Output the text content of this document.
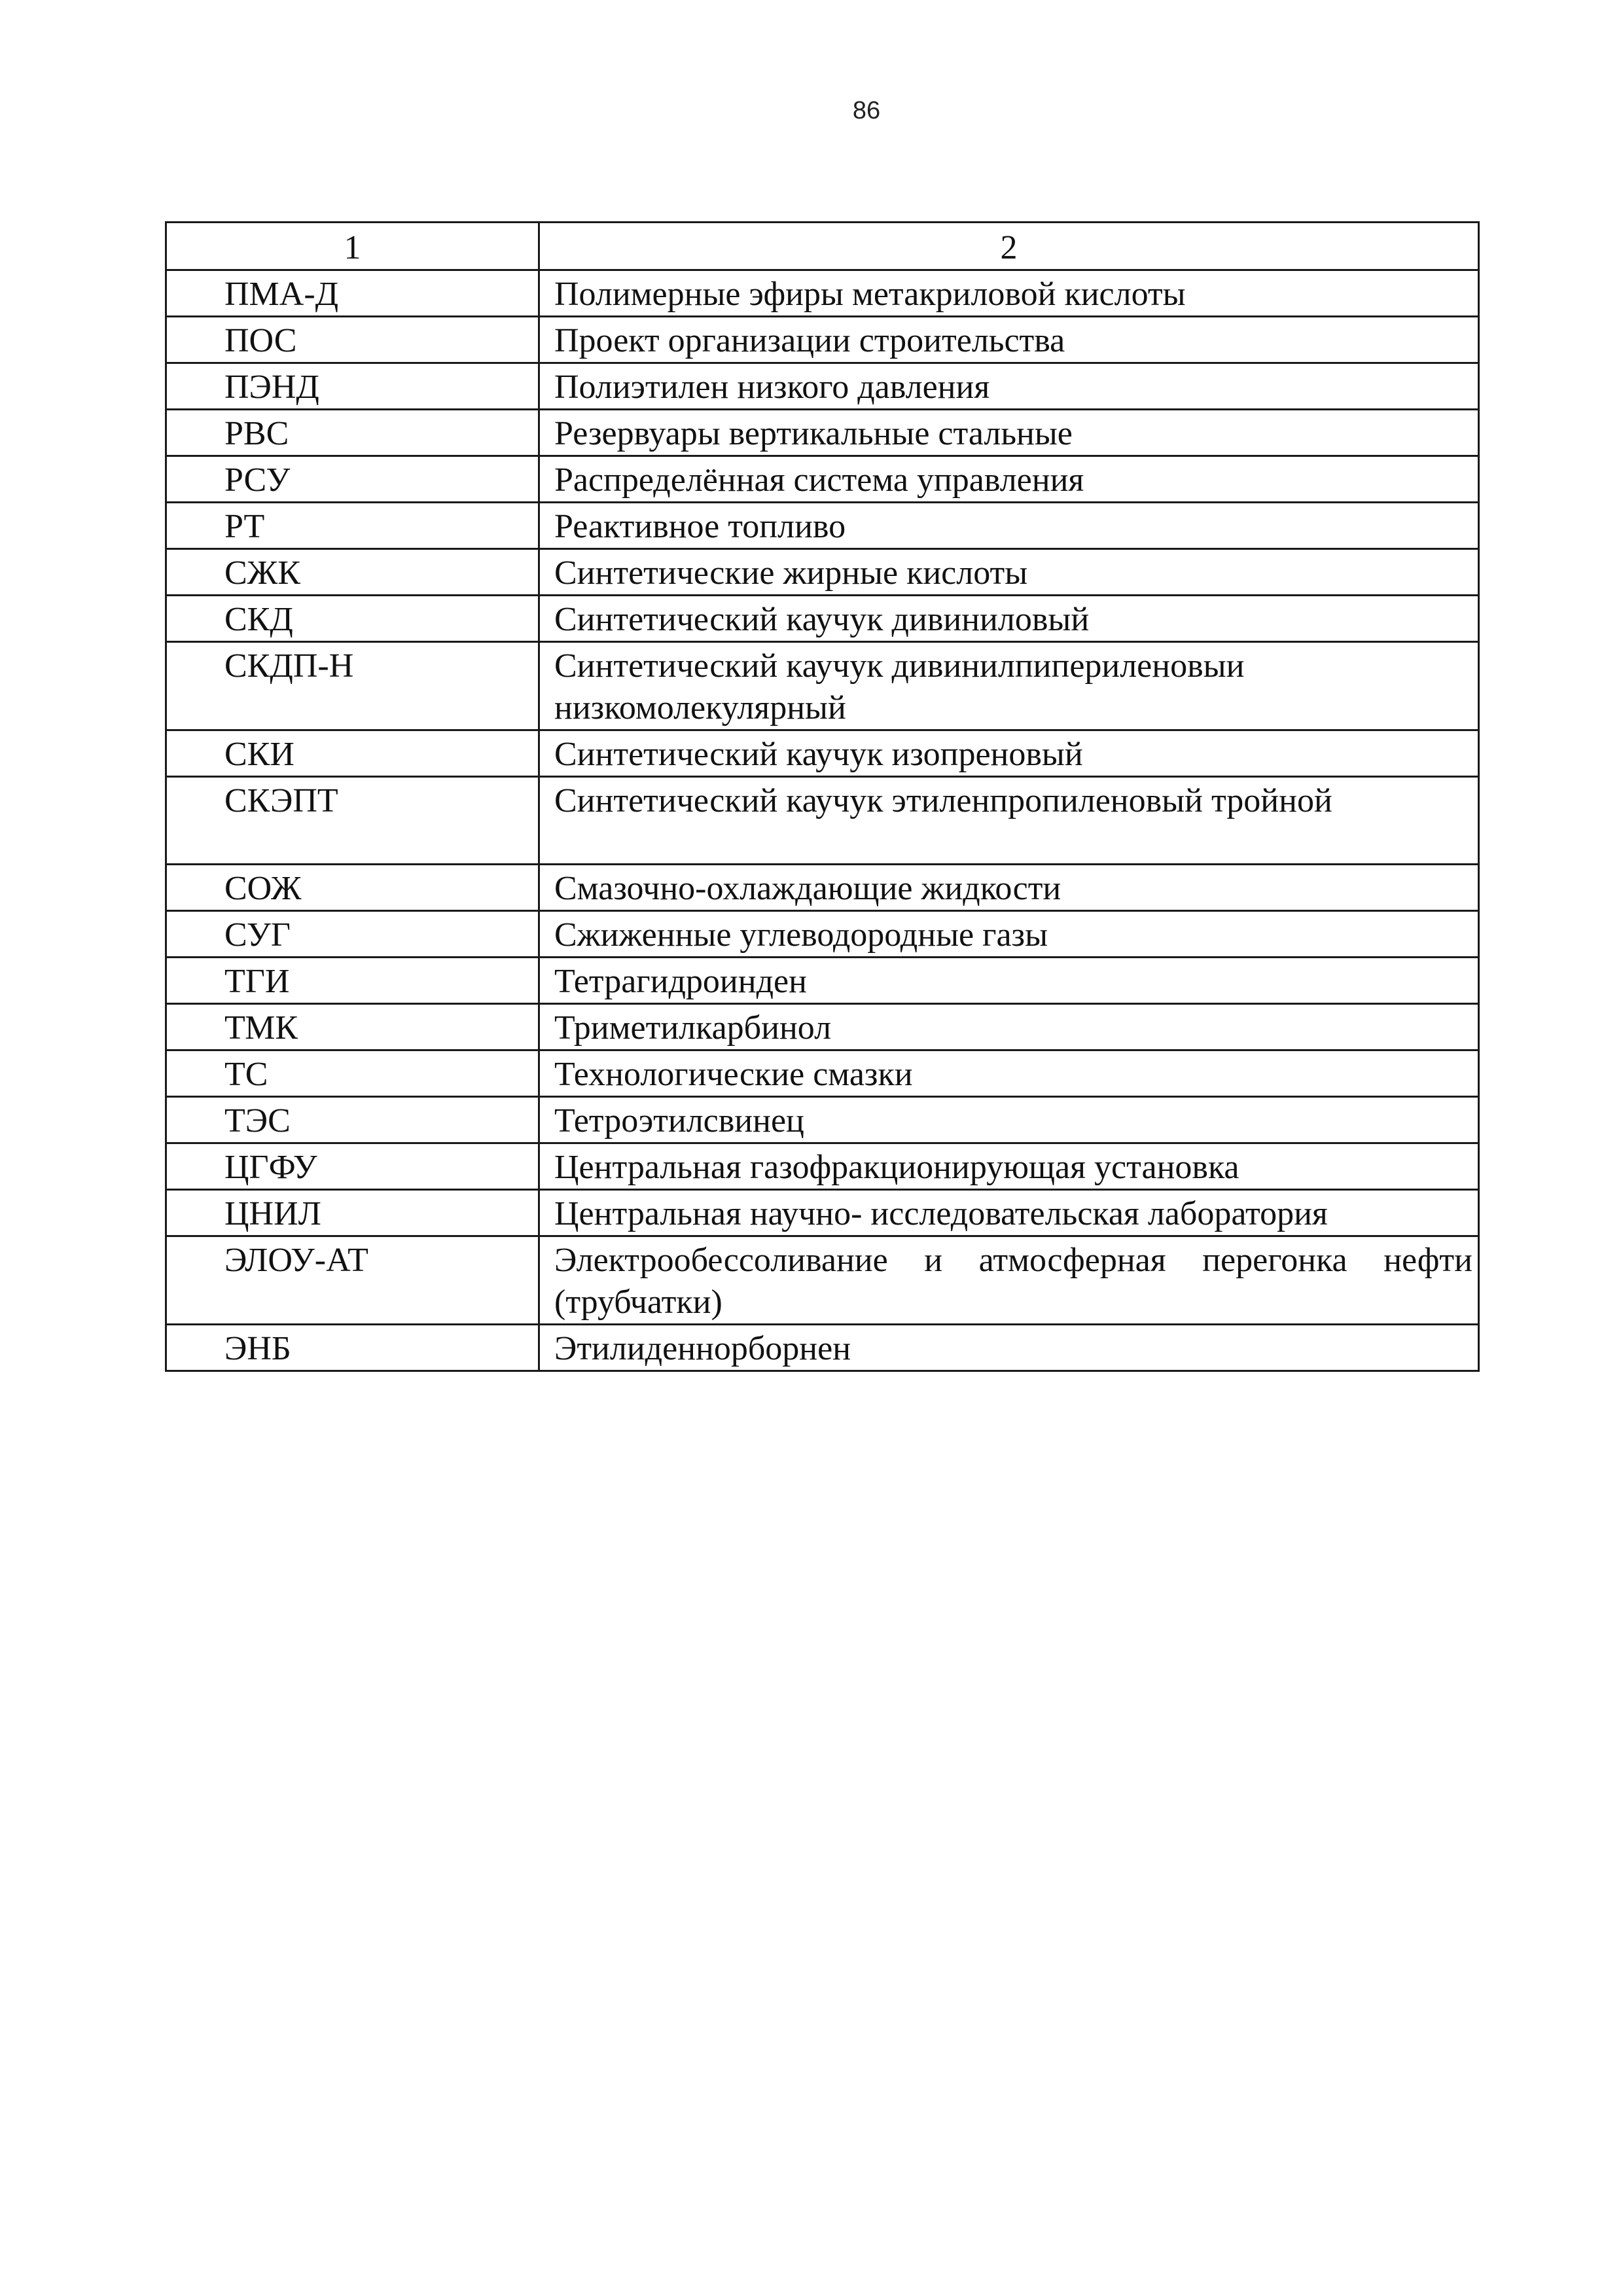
86
1	2
ПМА-Д	Полимерные эфиры метакриловой кислоты
ПОС	Проект организации строительства
ПЭНД	Полиэтилен низкого давления
РВС	Резервуары вертикальные стальные
РСУ	Распределённая система управления
РТ	Реактивное топливо
СЖК	Синтетические жирные кислоты
СКД	Синтетический каучук дивиниловый
СКДП-Н	Синтетический каучук дивинилпипериленовыи низкомолекулярный
СКИ	Синтетический каучук изопреновый
СКЭПТ	Синтетический каучук этиленпропиленовый тройной
СОЖ	Смазочно-охлаждающие жидкости
СУГ	Сжиженные углеводородные газы
ТГИ	Тетрагидроинден
ТМК	Триметилкарбинол
ТС	Технологические смазки
ТЭС	Тетроэтилсвинец
ЦГФУ	Центральная газофракционирующая установка
ЦНИЛ	Центральная научно- исследовательская лаборатория
ЭЛОУ-АТ	Электрообессоливание и атмосферная перегонка нефти (трубчатки)
ЭНБ	Этилиденнорборнен
